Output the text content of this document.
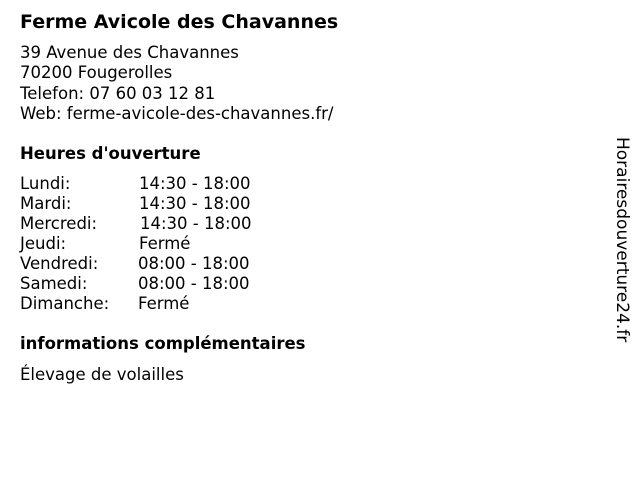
Ferme Avicole des Chavannes
39 Avenue des Chavannes
70200 Fougerolles
Telefon: 07 60 03 12 81
Web: ferme-avicole-des-chavannes.fr/
Heures d'ouverture
Lundi:	14:30 - 18:00
Mardi:	14:30 - 18:00
Mercredi:	14:30 - 18:00
Jeudi:	Fermé
Vendredi: 08:00 - 18:00
Samedi:	08:00 - 18:00
Dimanche: Fermé
informations complémentaires
Élevage de volailles
Horairesdouverture24.fr
